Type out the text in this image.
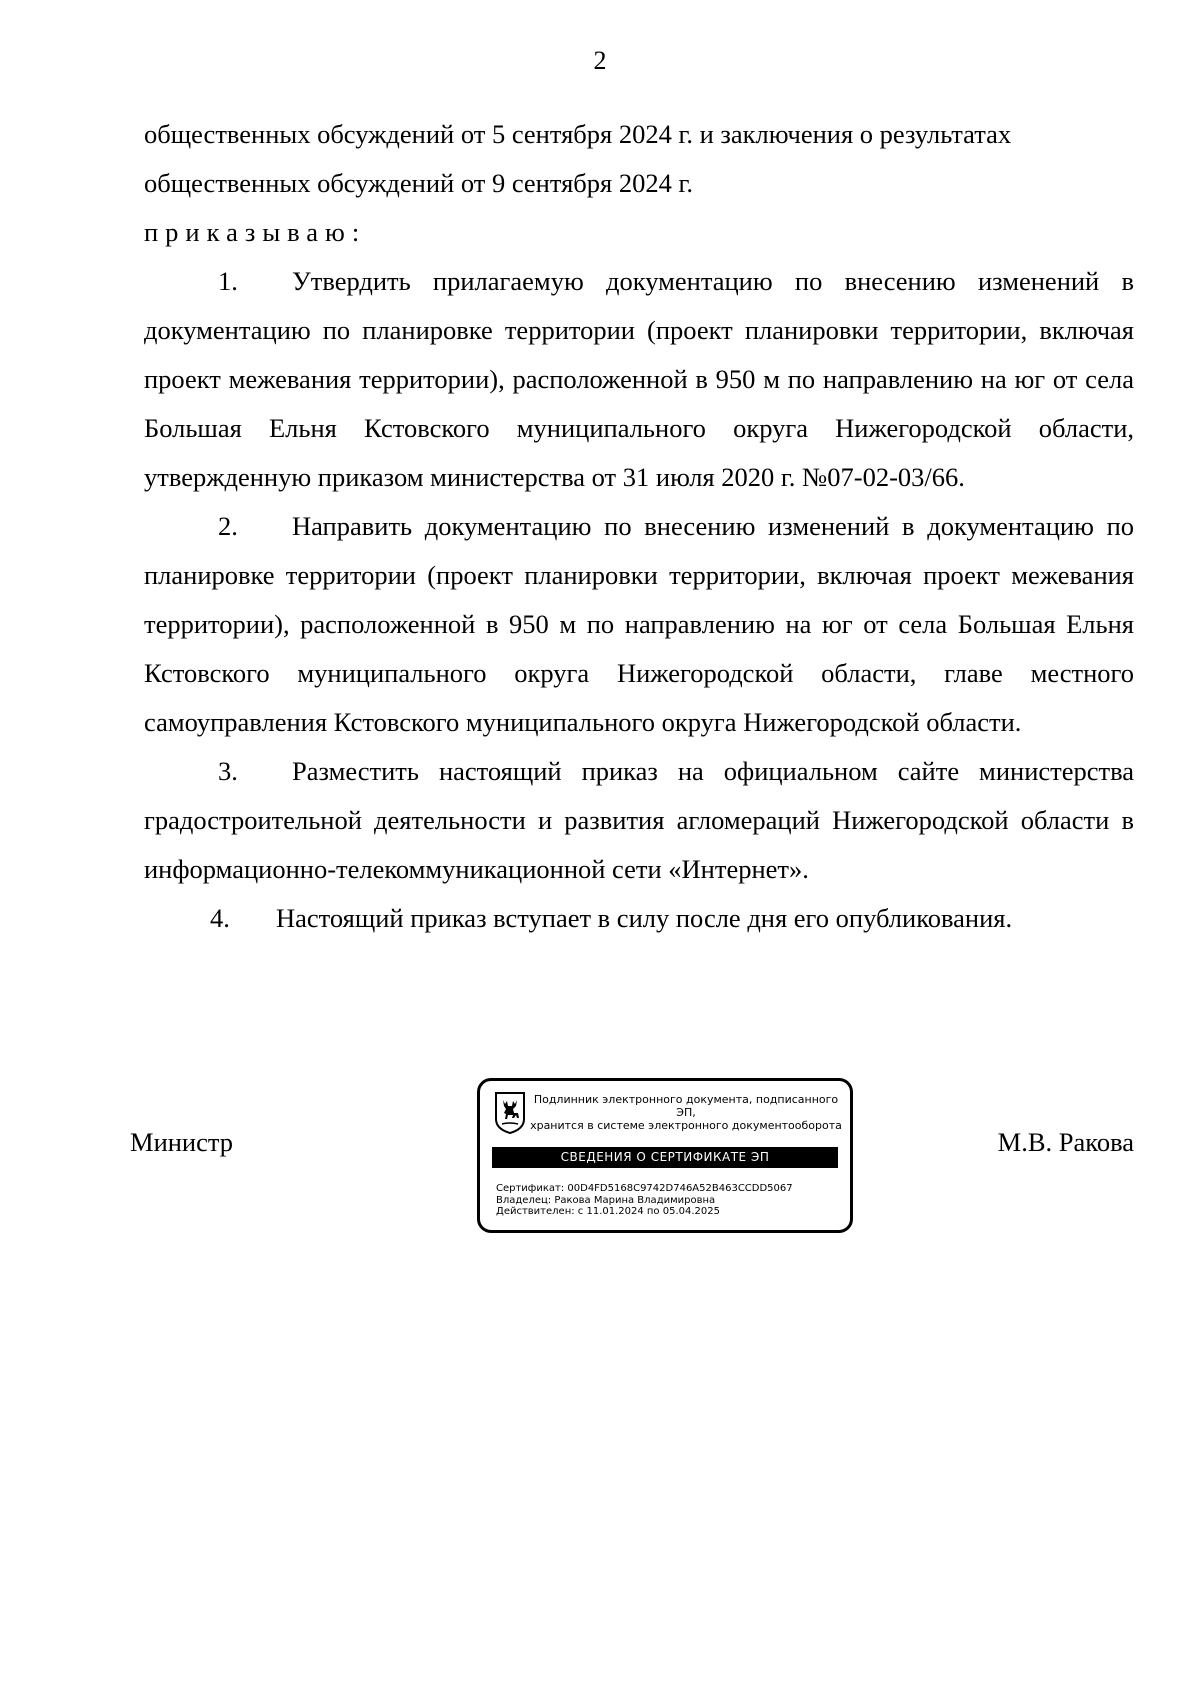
2

общественных обсуждений от 5 сентября 2024 г. и заключения о результатах

общественных обсуждений от 9 сентября 2024 г.

приказываю:

1. Утвердить прилагаемую документацию по внесению изменений в документацию по планировке территории (проект планировки территории, включая проект межевания территории), расположенной в 950 м по направлению на юг от села Большая Ельня Кстовского муниципального округа Нижегородской области, утвержденную приказом министерства от 31 июля 2020 г. №07-02-03/66.

2. Направить документацию по внесению изменений в документацию по планировке территории (проект планировки территории, включая проект межевания территории), расположенной в 950 м по направлению на юг от села Большая Ельня Кстовского муниципального округа Нижегородской области, главе местного самоуправления Кстовского муниципального округа Нижегородской области.

3. Разместить настоящий приказ на официальном сайте министерства градостроительной деятельности и развития агломераций Нижегородской области в информационно-телекоммуникационной сети «Интернет».

4. Настоящий приказ вступает в силу после дня его опубликования.

Министр	М.В. Ракова
Подлинник электронного документа, подписанного ЭП,
хранится в системе электронного документооборота
СВЕДЕНИЯ О СЕРТИФИКАТЕ ЭП
Сертификат: 00D4FD5168C9742D746A52B463CCDD5067
Владелец: Ракова Марина Владимировна
Действителен: с 11.01.2024 по 05.04.2025
